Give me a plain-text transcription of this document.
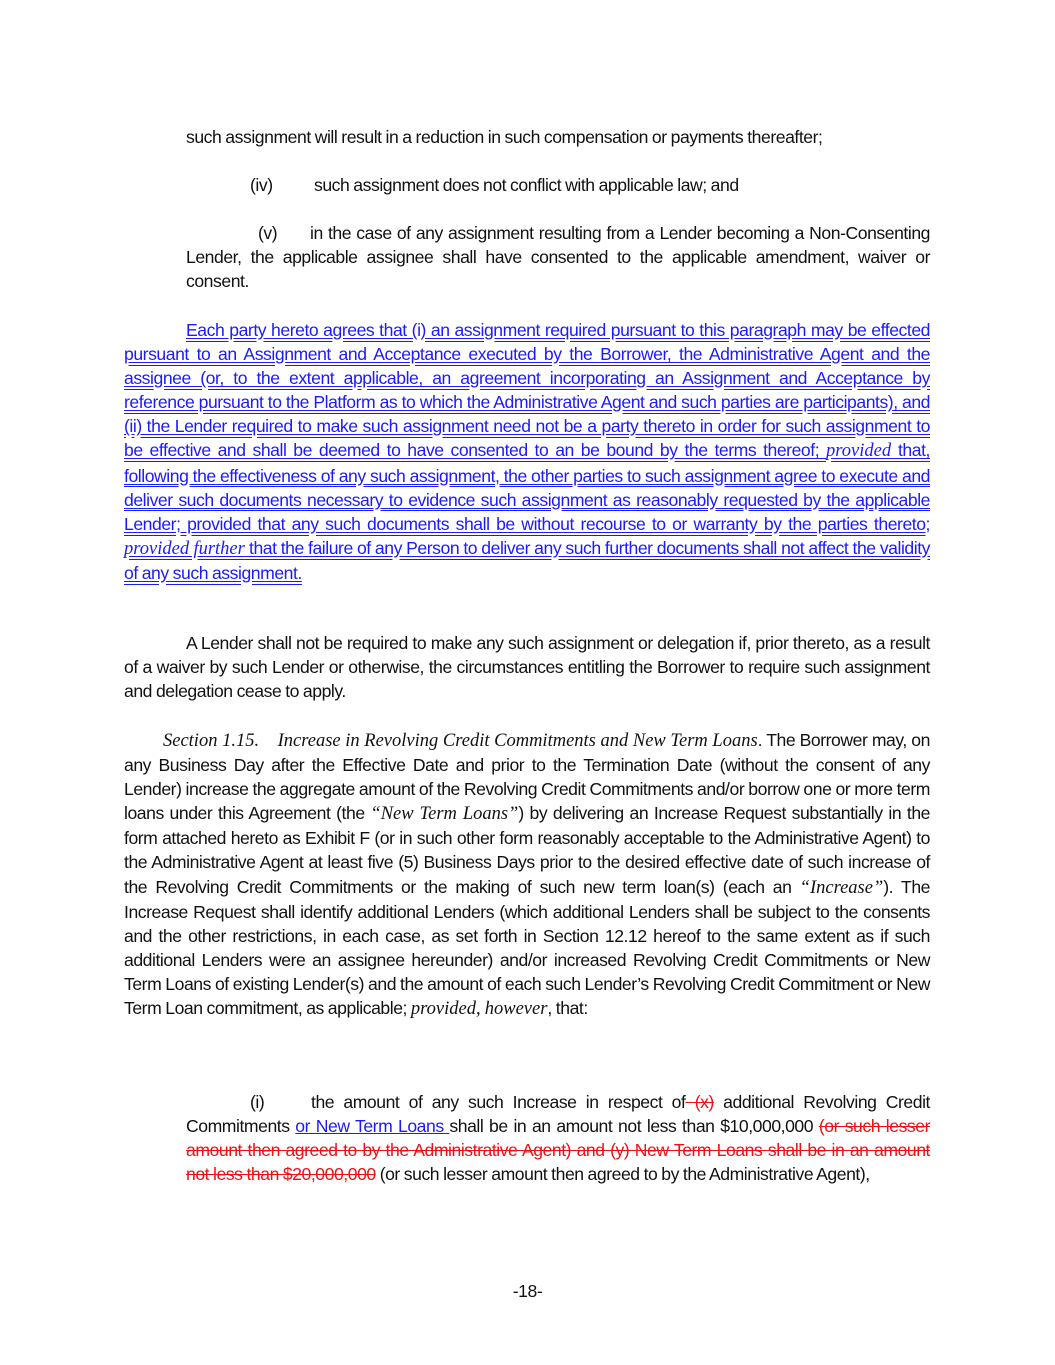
such assignment will result in a reduction in such compensation or payments thereafter;
(iv) such assignment does not conflict with applicable law; and
(v) in the case of any assignment resulting from a Lender becoming a Non-Consenting Lender, the applicable assignee shall have consented to the applicable amendment, waiver or consent.
Each party hereto agrees that (i) an assignment required pursuant to this paragraph may be effected pursuant to an Assignment and Acceptance executed by the Borrower, the Administrative Agent and the assignee (or, to the extent applicable, an agreement incorporating an Assignment and Acceptance by reference pursuant to the Platform as to which the Administrative Agent and such parties are participants), and (ii) the Lender required to make such assignment need not be a party thereto in order for such assignment to be effective and shall be deemed to have consented to an be bound by the terms thereof; provided that, following the effectiveness of any such assignment, the other parties to such assignment agree to execute and deliver such documents necessary to evidence such assignment as reasonably requested by the applicable Lender; provided that any such documents shall be without recourse to or warranty by the parties thereto; provided further that the failure of any Person to deliver any such further documents shall not affect the validity of any such assignment.
A Lender shall not be required to make any such assignment or delegation if, prior thereto, as a result of a waiver by such Lender or otherwise, the circumstances entitling the Borrower to require such assignment and delegation cease to apply.
Section 1.15.    Increase in Revolving Credit Commitments and New Term Loans. The Borrower may, on any Business Day after the Effective Date and prior to the Termination Date (without the consent of any Lender) increase the aggregate amount of the Revolving Credit Commitments and/or borrow one or more term loans under this Agreement (the “New Term Loans”) by delivering an Increase Request substantially in the form attached hereto as Exhibit F (or in such other form reasonably acceptable to the Administrative Agent) to the Administrative Agent at least five (5) Business Days prior to the desired effective date of such increase of the Revolving Credit Commitments or the making of such new term loan(s) (each an “Increase”). The Increase Request shall identify additional Lenders (which additional Lenders shall be subject to the consents and the other restrictions, in each case, as set forth in Section 12.12 hereof to the same extent as if such additional Lenders were an assignee hereunder) and/or increased Revolving Credit Commitments or New Term Loans of existing Lender(s) and the amount of each such Lender’s Revolving Credit Commitment or New Term Loan commitment, as applicable; provided, however, that:
(i)	the amount of any such Increase in respect of (x) additional Revolving Credit Commitments or New Term Loans shall be in an amount not less than $10,000,000 (or such lesser amount then agreed to by the Administrative Agent) and (y) New Term Loans shall be in an amount not less than $20,000,000 (or such lesser amount then agreed to by the Administrative Agent),
-18-
